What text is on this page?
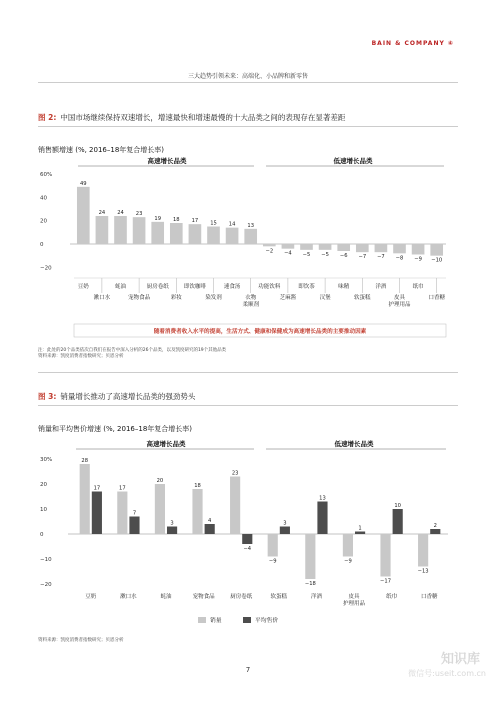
BAIN & COMPANY ④
三大趋势引领未来：高端化、小品牌和新零售
图 2: 中国市场继续保持双速增长，增速最快和增速最慢的十大品类之间的表现存在显著差距
销售额增速 (%, 2016–18年复合增长率)
60%
40
20
0
−20
高速增长品类	低速增长品类
49
豆奶
24
漱口水
24
蚝油
23
宠物食品
19
厨房卷纸
18
彩妆
17
即饮咖啡
15
染发剂
14
速食汤
13
衣物
柔顺剂
−2
功能饮料
−4
芝麻酱
−5
即饮茶
−5
汉堡
−6
味精
−7
软蛋糕
−7
洋酒
−8
皮具
护理用品
−9
纸巾
−10
口香糖
随着消费者收入水平的提高，生活方式、健康和保健成为高速增长品类的主要推动因素
注：此处的20个品类依次自我们在报告中深入分析的26个品类，以及凯度研究的19个其他品类
资料来源：凯度消费者指数研究；贝恩分析
图 3: 销量增长推动了高速增长品类的强劲势头
销量和平均售价增速 (%, 2016–18年复合增长率)
30%
20
10
0
−10
−20
高速增长品类	低速增长品类
28
17
豆奶
17
7
漱口水
20
3
蚝油
18
4
宠物食品
23
−4
厨房卷纸
−9
3
软蛋糕
−18
13
洋酒
−9
1
皮具
护理用品
−17
10
纸巾
−13
2
口香糖
销量	平均售价
资料来源：凯度消费者指数研究；贝恩分析
7
知识库
微信号:useit.com.cn
